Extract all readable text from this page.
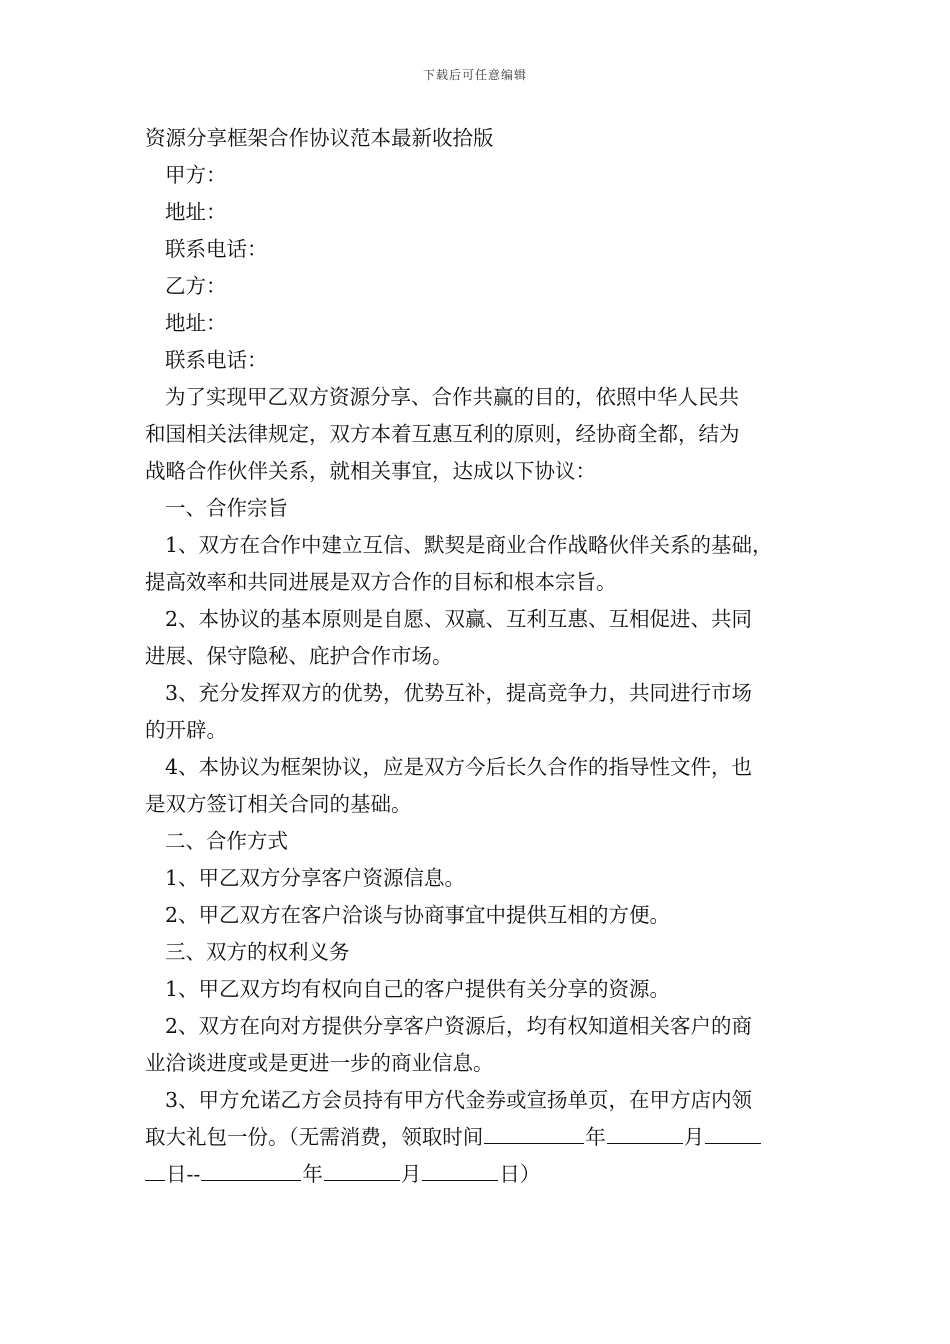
下载后可任意编辑
资源分享框架合作协议范本最新收拾版
甲方：
地址：
联系电话：
乙方：
地址：
联系电话：
为了实现甲乙双方资源分享、合作共赢的目的，依照中华人民共
和国相关法律规定，双方本着互惠互利的原则，经协商全都，结为
战略合作伙伴关系，就相关事宜，达成以下协议：
一、合作宗旨
1、双方在合作中建立互信、默契是商业合作战略伙伴关系的基础，
提高效率和共同进展是双方合作的目标和根本宗旨。
2、本协议的基本原则是自愿、双赢、互利互惠、互相促进、共同
进展、保守隐秘、庇护合作市场。
3、充分发挥双方的优势，优势互补，提高竞争力，共同进行市场
的开辟。
4、本协议为框架协议，应是双方今后长久合作的指导性文件，也
是双方签订相关合同的基础。
二、合作方式
1、甲乙双方分享客户资源信息。
2、甲乙双方在客户洽谈与协商事宜中提供互相的方便。
三、双方的权利义务
1、甲乙双方均有权向自己的客户提供有关分享的资源。
2、双方在向对方提供分享客户资源后，均有权知道相关客户的商
业洽谈进度或是更进一步的商业信息。
3、甲方允诺乙方会员持有甲方代金券或宣扬单页，在甲方店内领
取大礼包一份。（无需消费，领取时间	年	月
日--	年	月	日）
